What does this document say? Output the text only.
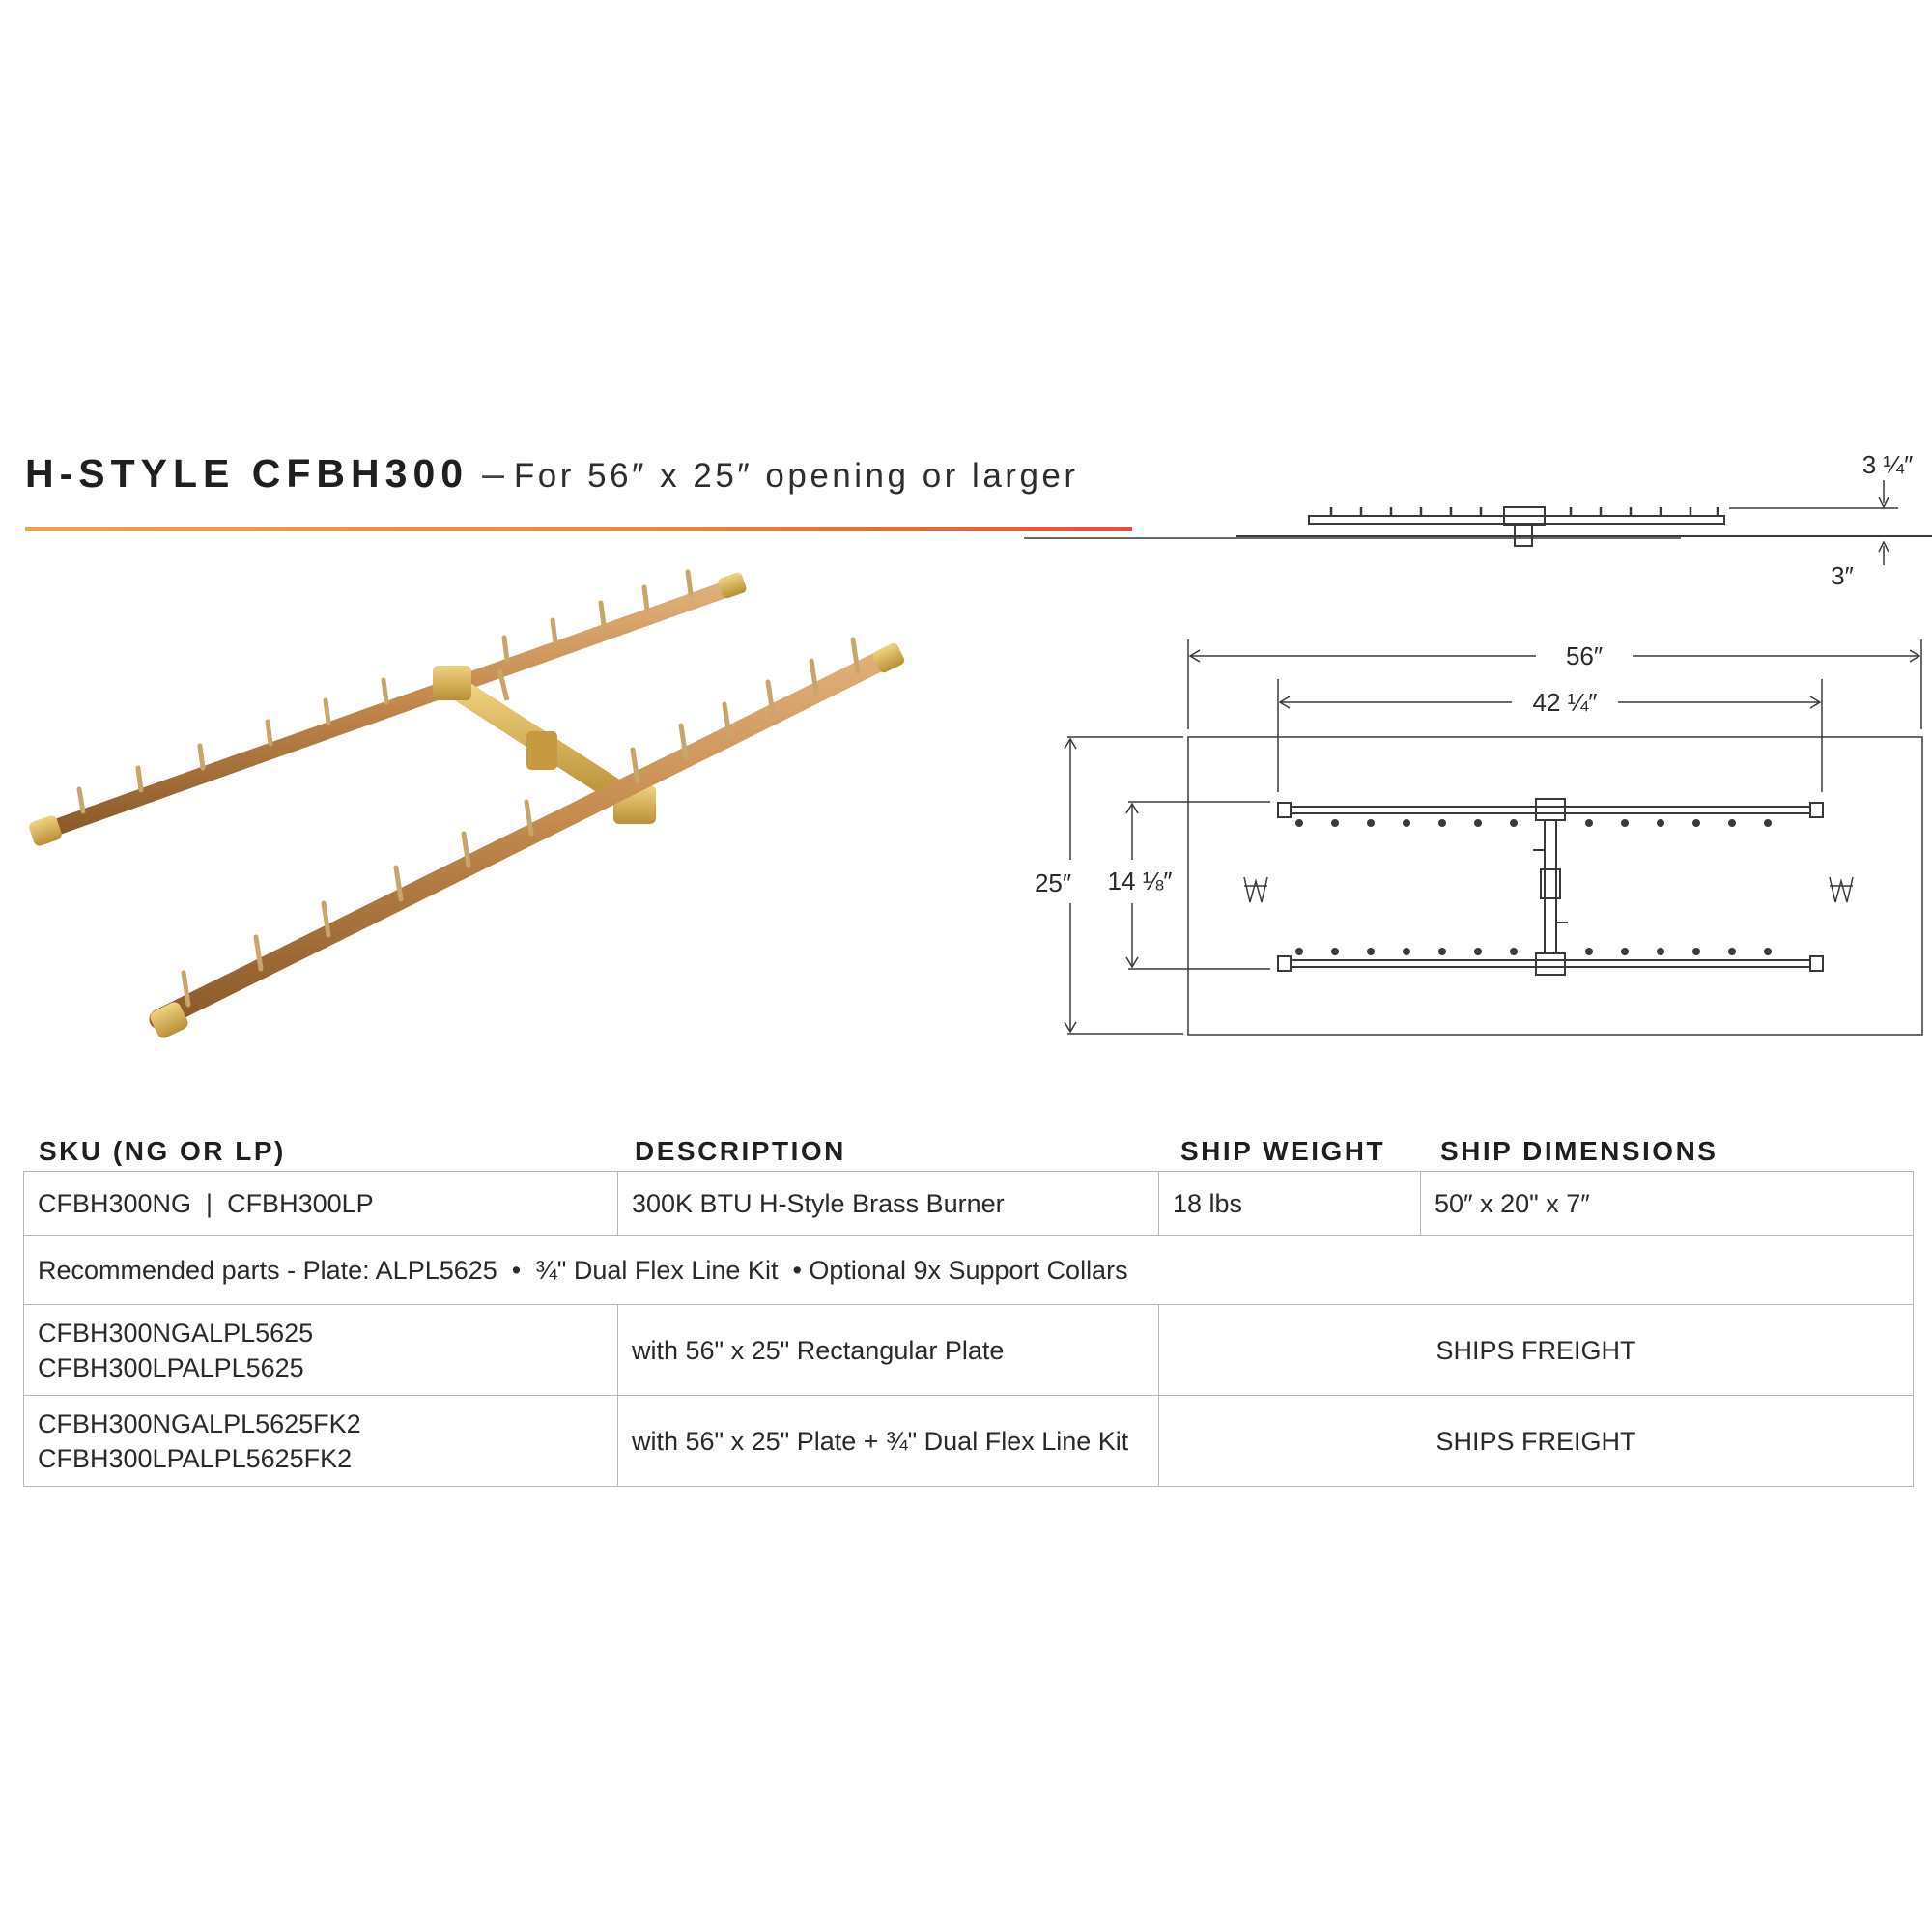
H-STYLE CFBH300 – For 56″ x 25″ opening or larger
56″
42 ¼″
25″ 14 ⅛″
3 ¼″
3″
SKU (NG OR LP)	DESCRIPTION	SHIP WEIGHT SHIP DIMENSIONS
CFBH300NG  |  CFBH300LP	300K BTU H-Style Brass Burner	18 lbs	50″ x 20" x 7″
Recommended parts - Plate: ALPL5625  •  ¾" Dual Flex Line Kit  • Optional 9x Support Collars			

CFBH300NGALPL5625
CFBH300LPALPL5625	with 56" x 25" Rectangular Plate	SHIPS FREIGHT	

CFBH300NGALPL5625FK2
CFBH300LPALPL5625FK2	with 56" x 25" Plate + ¾" Dual Flex Line Kit	SHIPS FREIGHT	
